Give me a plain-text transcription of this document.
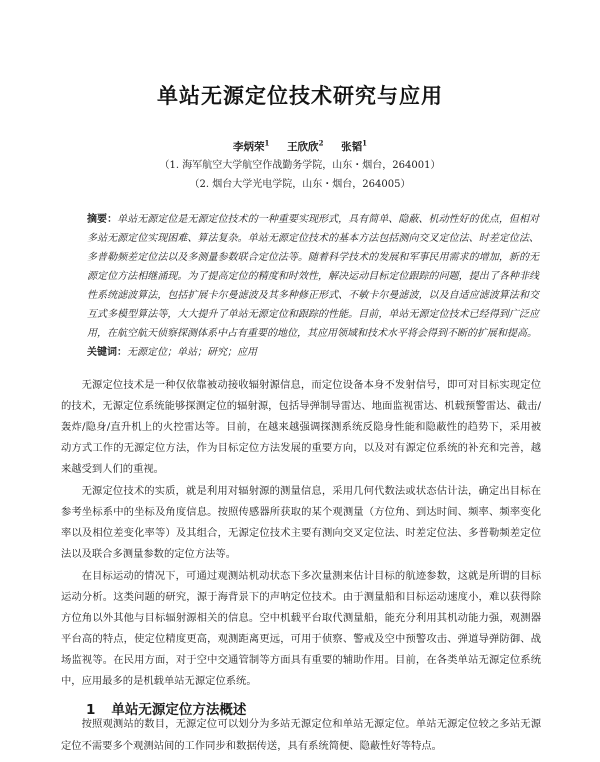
单站无源定位技术研究与应用
李炳荣$^1$ 王欣欣$^2$ 张韬$^1$
（1. 海军航空大学航空作战勤务学院，山东・烟台，264001）
（2. 烟台大学光电学院，山东・烟台，264005）
摘要：单站无源定位是无源定位技术的一种重要实现形式，具有简单、隐蔽、机动性好的优点，但相对多站无源定位实现困难、算法复杂。单站无源定位技术的基本方法包括测向交叉定位法、时差定位法、多普勒频差定位法以及多测量参数联合定位法等。随着科学技术的发展和军事民用需求的增加，新的无源定位方法相继涌现。为了提高定位的精度和时效性，解决运动目标定位跟踪的问题，提出了各种非线性系统滤波算法，包括扩展卡尔曼滤波及其多种修正形式、不敏卡尔曼滤波，以及自适应滤波算法和交互式多模型算法等，大大提升了单站无源定位和跟踪的性能。目前，单站无源定位技术已经得到广泛应用，在航空航天侦察探测体系中占有重要的地位，其应用领域和技术水平将会得到不断的扩展和提高。
关键词：无源定位；单站；研究；应用

无源定位技术是一种仅依靠被动接收辐射源信息，而定位设备本身不发射信号，即可对目标实现定位的技术，无源定位系统能够探测定位的辐射源，包括导弹制导雷达、地面监视雷达、机载预警雷达、截击/轰炸/隐身/直升机上的火控雷达等。目前，在越来越强调探测系统反隐身性能和隐蔽性的趋势下，采用被动方式工作的无源定位方法，作为目标定位方法发展的重要方向，以及对有源定位系统的补充和完善，越来越受到人们的重视。

无源定位技术的实质，就是利用对辐射源的测量信息，采用几何代数法或状态估计法，确定出目标在参考坐标系中的坐标及角度信息。按照传感器所获取的某个观测量（方位角、到达时间、频率、频率变化率以及相位差变化率等）及其组合，无源定位技术主要有测向交叉定位法、时差定位法、多普勒频差定位法以及联合多测量参数的定位方法等。

在目标运动的情况下，可通过观测站机动状态下多次量测来估计目标的航迹参数，这就是所谓的目标运动分析。这类问题的研究，源于海背景下的声呐定位技术。由于测量船和目标运动速度小，难以获得除方位角以外其他与目标辐射源相关的信息。空中机载平台取代测量船，能充分利用其机动能力强，观测器平台高的特点，使定位精度更高，观测距离更远，可用于侦察、警戒及空中预警攻击、弹道导弹防御、战场监视等。在民用方面，对于空中交通管制等方面具有重要的辅助作用。目前，在各类单站无源定位系统中，应用最多的是机载单站无源定位系统。

1 单站无源定位方法概述
按照观测站的数目，无源定位可以划分为多站无源定位和单站无源定位。单站无源定位较之多站无源定位不需要多个观测站间的工作同步和数据传送，具有系统简便、隐蔽性好等特点。
